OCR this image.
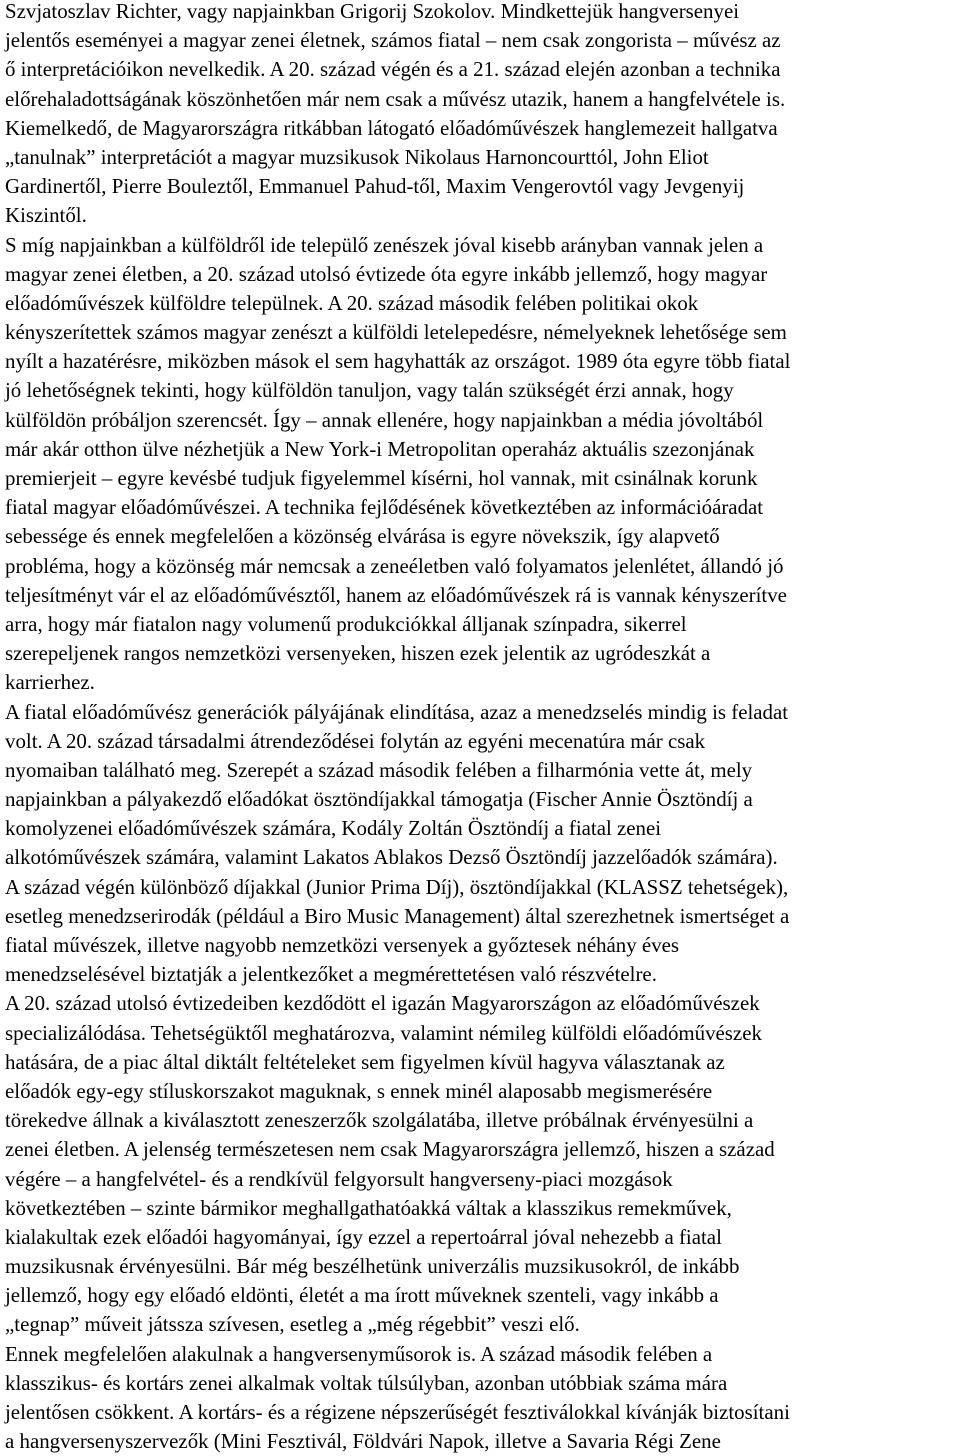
Szvjatoszlav Richter, vagy napjainkban Grigorij Szokolov. Mindkettejük hangversenyei
jelentős eseményei a magyar zenei életnek, számos fiatal – nem csak zongorista – művész az
ő interpretációikon nevelkedik. A 20. század végén és a 21. század elején azonban a technika
előrehaladottságának köszönhetően már nem csak a művész utazik, hanem a hangfelvétele is.
Kiemelkedő, de Magyarországra ritkábban látogató előadóművészek hanglemezeit hallgatva
„tanulnak” interpretációt a magyar muzsikusok Nikolaus Harnoncourttól, John Eliot
Gardinertől, Pierre Bouleztől, Emmanuel Pahud-től, Maxim Vengerovtól vagy Jevgenyij
Kiszintől.
S míg napjainkban a külföldről ide települő zenészek jóval kisebb arányban vannak jelen a
magyar zenei életben, a 20. század utolsó évtizede óta egyre inkább jellemző, hogy magyar
előadóművészek külföldre települnek. A 20. század második felében politikai okok
kényszerítettek számos magyar zenészt a külföldi letelepedésre, némelyeknek lehetősége sem
nyílt a hazatérésre, miközben mások el sem hagyhatták az országot. 1989 óta egyre több fiatal
jó lehetőségnek tekinti, hogy külföldön tanuljon, vagy talán szükségét érzi annak, hogy
külföldön próbáljon szerencsét. Így – annak ellenére, hogy napjainkban a média jóvoltából
már akár otthon ülve nézhetjük a New York-i Metropolitan operaház aktuális szezonjának
premierjeit – egyre kevésbé tudjuk figyelemmel kísérni, hol vannak, mit csinálnak korunk
fiatal magyar előadóművészei. A technika fejlődésének következtében az információáradat
sebessége és ennek megfelelően a közönség elvárása is egyre növekszik, így alapvető
probléma, hogy a közönség már nemcsak a zeneéletben való folyamatos jelenlétet, állandó jó
teljesítményt vár el az előadóművésztől, hanem az előadóművészek rá is vannak kényszerítve
arra, hogy már fiatalon nagy volumenű produkciókkal álljanak színpadra, sikerrel
szerepeljenek rangos nemzetközi versenyeken, hiszen ezek jelentik az ugródeszkát a
karrierhez.
A fiatal előadóművész generációk pályájának elindítása, azaz a menedzselés mindig is feladat
volt. A 20. század társadalmi átrendeződései folytán az egyéni mecenatúra már csak
nyomaiban található meg. Szerepét a század második felében a filharmónia vette át, mely
napjainkban a pályakezdő előadókat ösztöndíjakkal támogatja (Fischer Annie Ösztöndíj a
komolyzenei előadóművészek számára, Kodály Zoltán Ösztöndíj a fiatal zenei
alkotóművészek számára, valamint Lakatos Ablakos Dezső Ösztöndíj jazzelőadók számára).
A század végén különböző díjakkal (Junior Prima Díj), ösztöndíjakkal (KLASSZ tehetségek),
esetleg menedzserirodák (például a Biro Music Management) által szerezhetnek ismertséget a
fiatal művészek, illetve nagyobb nemzetközi versenyek a győztesek néhány éves
menedzselésével biztatják a jelentkezőket a megmérettetésen való részvételre.
A 20. század utolsó évtizedeiben kezdődött el igazán Magyarországon az előadóművészek
specializálódása. Tehetségüktől meghatározva, valamint némileg külföldi előadóművészek
hatására, de a piac által diktált feltételeket sem figyelmen kívül hagyva választanak az
előadók egy-egy stíluskorszakot maguknak, s ennek minél alaposabb megismerésére
törekedve állnak a kiválasztott zeneszerzők szolgálatába, illetve próbálnak érvényesülni a
zenei életben. A jelenség természetesen nem csak Magyarországra jellemző, hiszen a század
végére – a hangfelvétel- és a rendkívül felgyorsult hangverseny-piaci mozgások
következtében – szinte bármikor meghallgathatóakká váltak a klasszikus remekművek,
kialakultak ezek előadói hagyományai, így ezzel a repertoárral jóval nehezebb a fiatal
muzsikusnak érvényesülni. Bár még beszélhetünk univerzális muzsikusokról, de inkább
jellemző, hogy egy előadó eldönti, életét a ma írott műveknek szenteli, vagy inkább a
„tegnap” műveit játssza szívesen, esetleg a „még régebbit” veszi elő.
Ennek megfelelően alakulnak a hangversenyműsorok is. A század második felében a
klasszikus- és kortárs zenei alkalmak voltak túlsúlyban, azonban utóbbiak száma mára
jelentősen csökkent. A kortárs- és a régizene népszerűségét fesztiválokkal kívánják biztosítani
a hangversenyszervezők (Mini Fesztivál, Földvári Napok, illetve a Savaria Régi Zene
